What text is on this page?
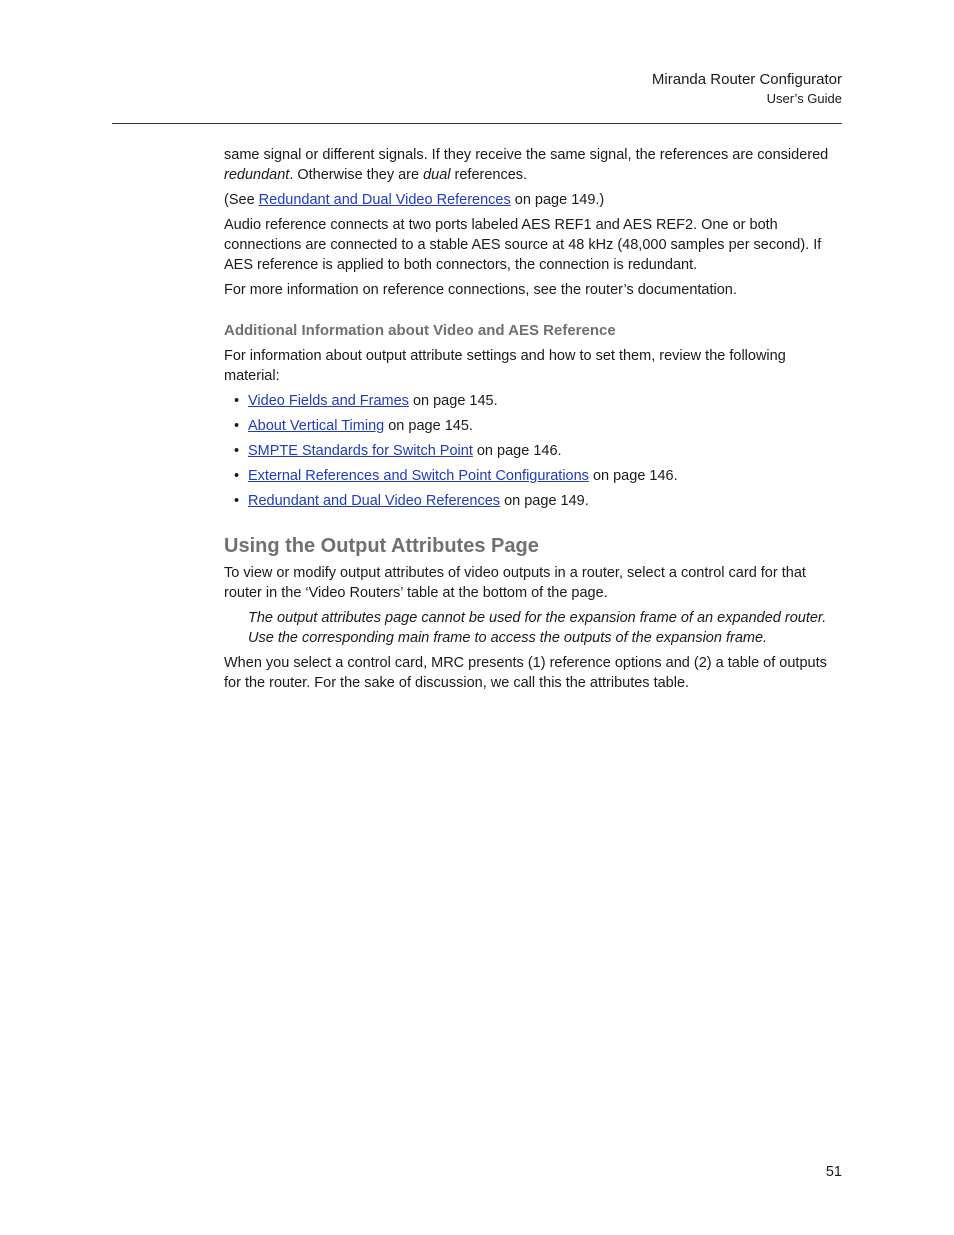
Miranda Router Configurator
User’s Guide

same signal or different signals. If they receive the same signal, the references are considered redundant. Otherwise they are dual references.

(See Redundant and Dual Video References on page 149.)

Audio reference connects at two ports labeled AES REF1 and AES REF2. One or both connections are connected to a stable AES source at 48 kHz (48,000 samples per second). If AES reference is applied to both connectors, the connection is redundant.

For more information on reference connections, see the router’s documentation.

Additional Information about Video and AES Reference

For information about output attribute settings and how to set them, review the following material:

• Video Fields and Frames on page 145.
• About Vertical Timing on page 145.
• SMPTE Standards for Switch Point on page 146.
• External References and Switch Point Configurations on page 146.
• Redundant and Dual Video References on page 149.
Using the Output Attributes Page

To view or modify output attributes of video outputs in a router, select a control card for that router in the ‘Video Routers’ table at the bottom of the page.

The output attributes page cannot be used for the expansion frame of an expanded router. Use the corresponding main frame to access the outputs of the expansion frame.

When you select a control card, MRC presents (1) reference options and (2) a table of outputs for the router. For the sake of discussion, we call this the attributes table.

51
